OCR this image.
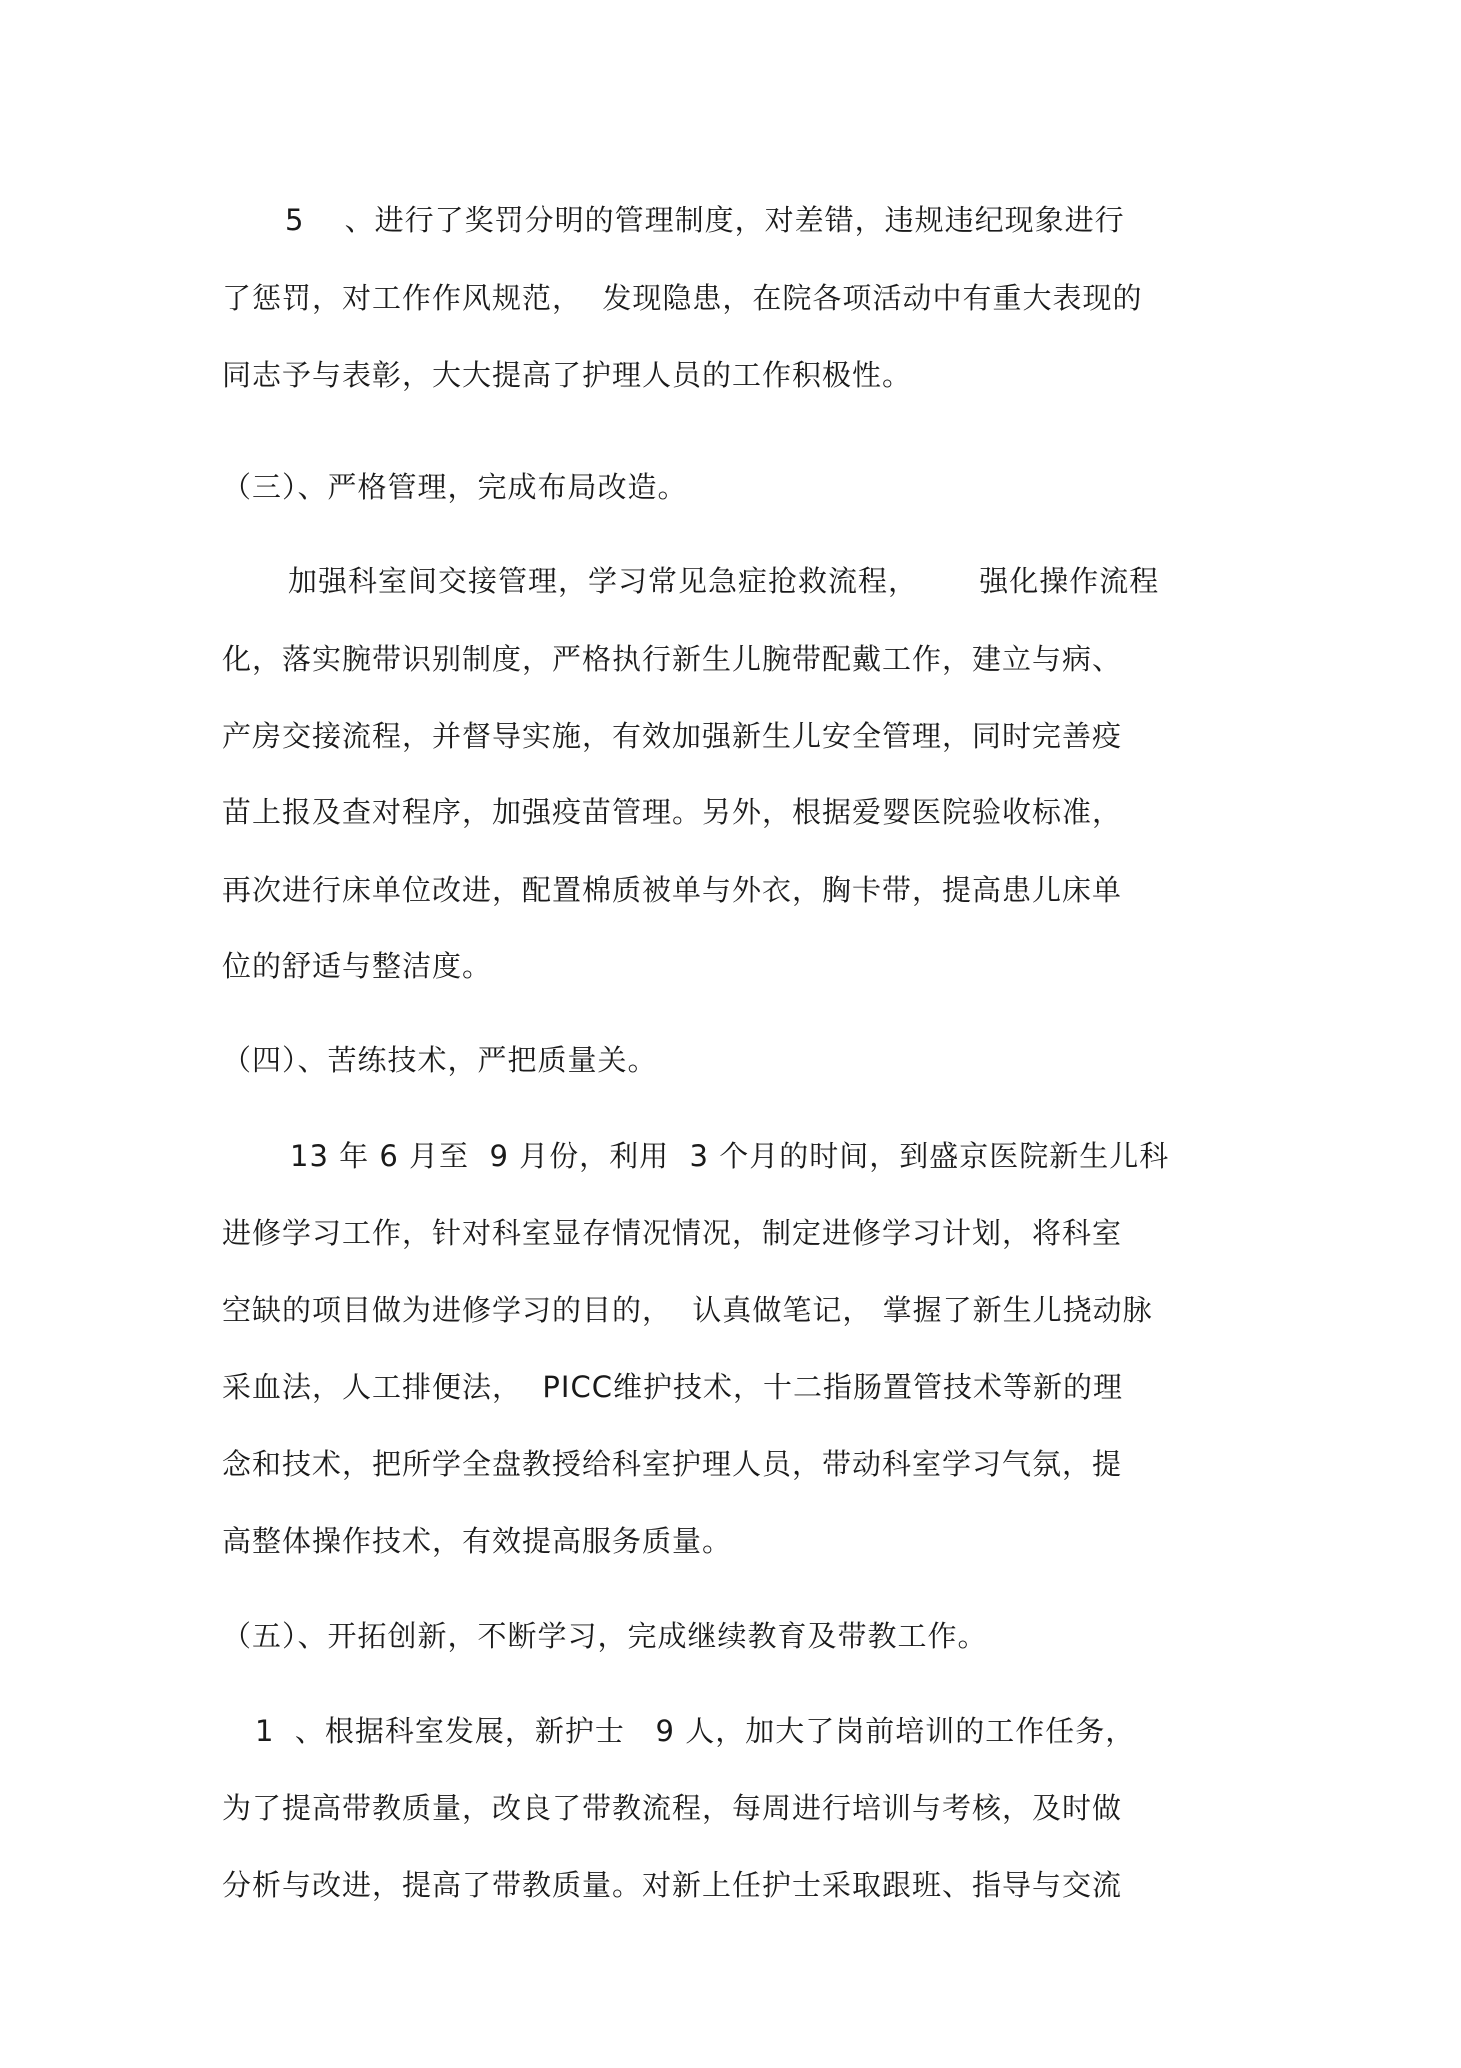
5　 、进行了奖罚分明的管理制度，对差错，违规违纪现象进行
了惩罚，对工作作风规范，  发现隐患，在院各项活动中有重大表现的
同志予与表彰，大大提高了护理人员的工作积极性。
（三）、严格管理，完成布局改造。
加强科室间交接管理，学习常见急症抢救流程，      强化操作流程
化，落实腕带识别制度，严格执行新生儿腕带配戴工作，建立与病、
产房交接流程，并督导实施，有效加强新生儿安全管理，同时完善疫
苗上报及查对程序，加强疫苗管理。另外，根据爱婴医院验收标准，
再次进行床单位改进，配置棉质被单与外衣，胸卡带，提高患儿床单
位的舒适与整洁度。
（四）、苦练技术，严把质量关。
13 年 6 月至  9 月份，利用  3 个月的时间，到盛京医院新生儿科
进修学习工作，针对科室显存情况情况，制定进修学习计划，将科室
空缺的项目做为进修学习的目的，  认真做笔记， 掌握了新生儿挠动脉
采血法，人工排便法，  PICC维护技术，十二指肠置管技术等新的理
念和技术，把所学全盘教授给科室护理人员，带动科室学习气氛，提
高整体操作技术，有效提高服务质量。
（五）、开拓创新，不断学习，完成继续教育及带教工作。
1  、根据科室发展，新护士   9 人，加大了岗前培训的工作任务，
为了提高带教质量，改良了带教流程，每周进行培训与考核，及时做
分析与改进，提高了带教质量。对新上任护士采取跟班、指导与交流
